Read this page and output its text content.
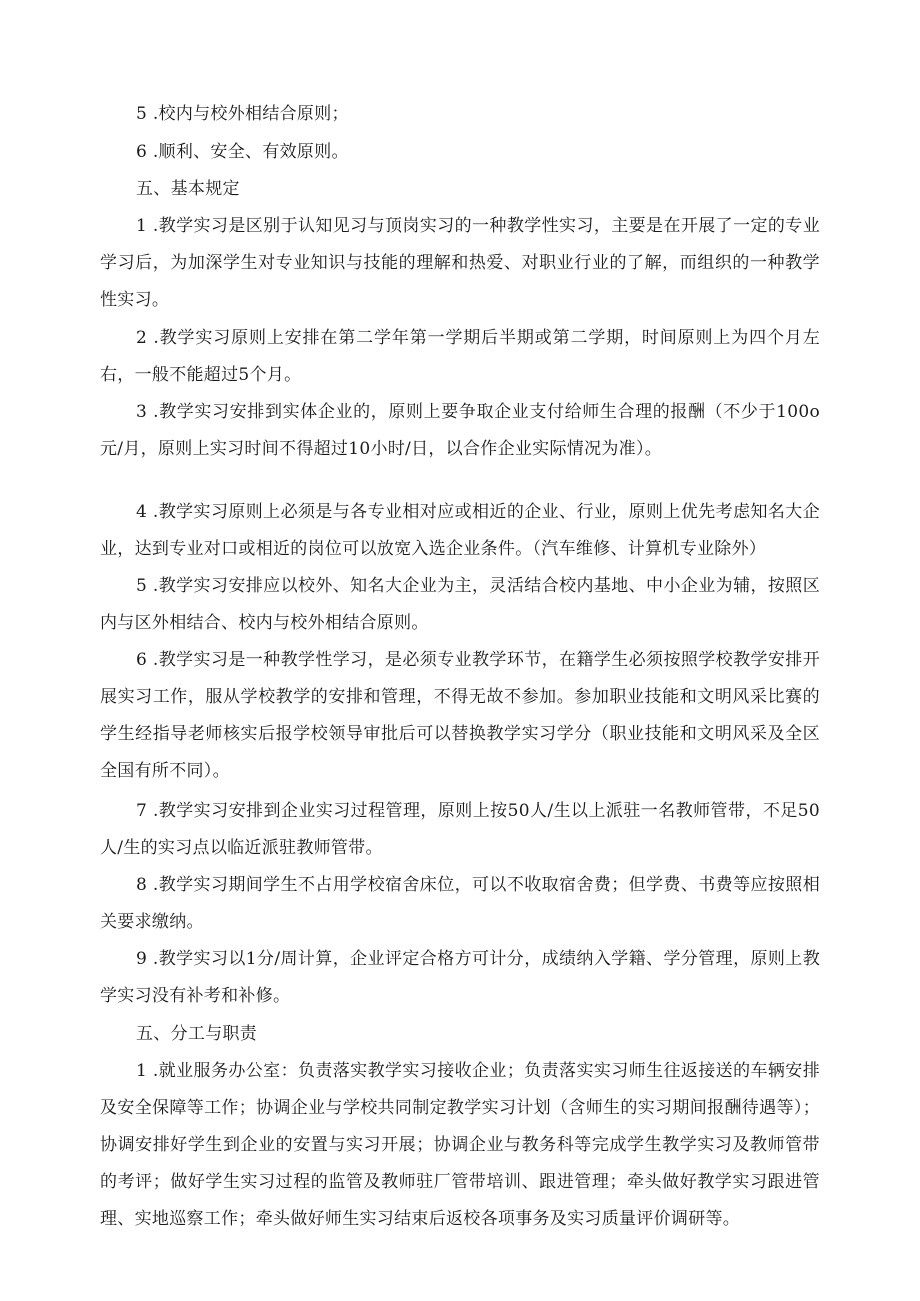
5 .校内与校外相结合原则；

6 .顺利、安全、有效原则。

五、基本规定

1 .教学实习是区别于认知见习与顶岗实习的一种教学性实习，主要是在开展了一定的专业学习后，为加深学生对专业知识与技能的理解和热爱、对职业行业的了解，而组织的一种教学性实习。

2 .教学实习原则上安排在第二学年第一学期后半期或第二学期，时间原则上为四个月左右，一般不能超过5个月。

3 .教学实习安排到实体企业的，原则上要争取企业支付给师生合理的报酬（不少于100o元/月，原则上实习时间不得超过10小时/日，以合作企业实际情况为准）。

4 .教学实习原则上必须是与各专业相对应或相近的企业、行业，原则上优先考虑知名大企业，达到专业对口或相近的岗位可以放宽入选企业条件。（汽车维修、计算机专业除外）

5 .教学实习安排应以校外、知名大企业为主，灵活结合校内基地、中小企业为辅，按照区内与区外相结合、校内与校外相结合原则。

6 .教学实习是一种教学性学习，是必须专业教学环节，在籍学生必须按照学校教学安排开展实习工作，服从学校教学的安排和管理，不得无故不参加。参加职业技能和文明风采比赛的学生经指导老师核实后报学校领导审批后可以替换教学实习学分（职业技能和文明风采及全区全国有所不同）。

7 .教学实习安排到企业实习过程管理，原则上按50人/生以上派驻一名教师管带，不足50人/生的实习点以临近派驻教师管带。

8 .教学实习期间学生不占用学校宿舍床位，可以不收取宿舍费；但学费、书费等应按照相关要求缴纳。

9 .教学实习以1分/周计算，企业评定合格方可计分，成绩纳入学籍、学分管理，原则上教学实习没有补考和补修。

五、分工与职责

1 .就业服务办公室：负责落实教学实习接收企业；负责落实实习师生往返接送的车辆安排及安全保障等工作；协调企业与学校共同制定教学实习计划（含师生的实习期间报酬待遇等）；协调安排好学生到企业的安置与实习开展；协调企业与教务科等完成学生教学实习及教师管带的考评；做好学生实习过程的监管及教师驻厂管带培训、跟进管理；牵头做好教学实习跟进管理、实地巡察工作；牵头做好师生实习结束后返校各项事务及实习质量评价调研等。
